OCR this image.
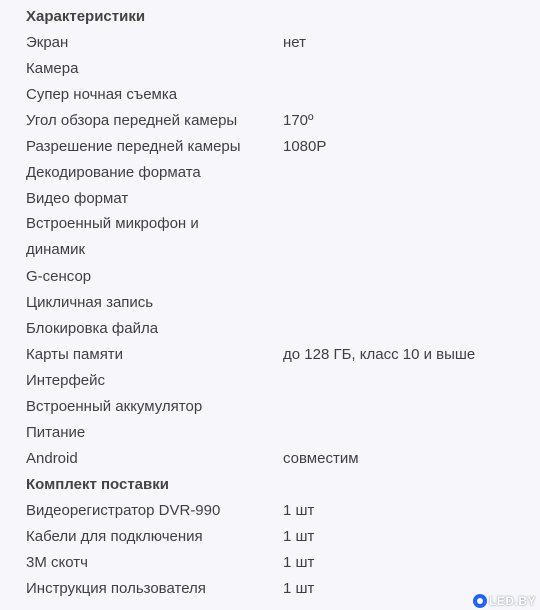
Характеристики
Экран	нет
Камера
Супер ночная съемка
Угол обзора передней камеры	170º
Разрешение передней камеры	1080P
Декодирование формата
Видео формат
Встроенный микрофон и динамик
G-сенсор
Цикличная запись
Блокировка файла
Карты памяти	до 128 ГБ, класс 10 и выше
Интерфейс
Встроенный аккумулятор
Питание
Android	совместим
Комплект поставки
Видеорегистратор DVR-990	1 шт
Кабели для подключения	1 шт
3M скотч	1 шт
Инструкция пользователя	1 шт
LED.BY
